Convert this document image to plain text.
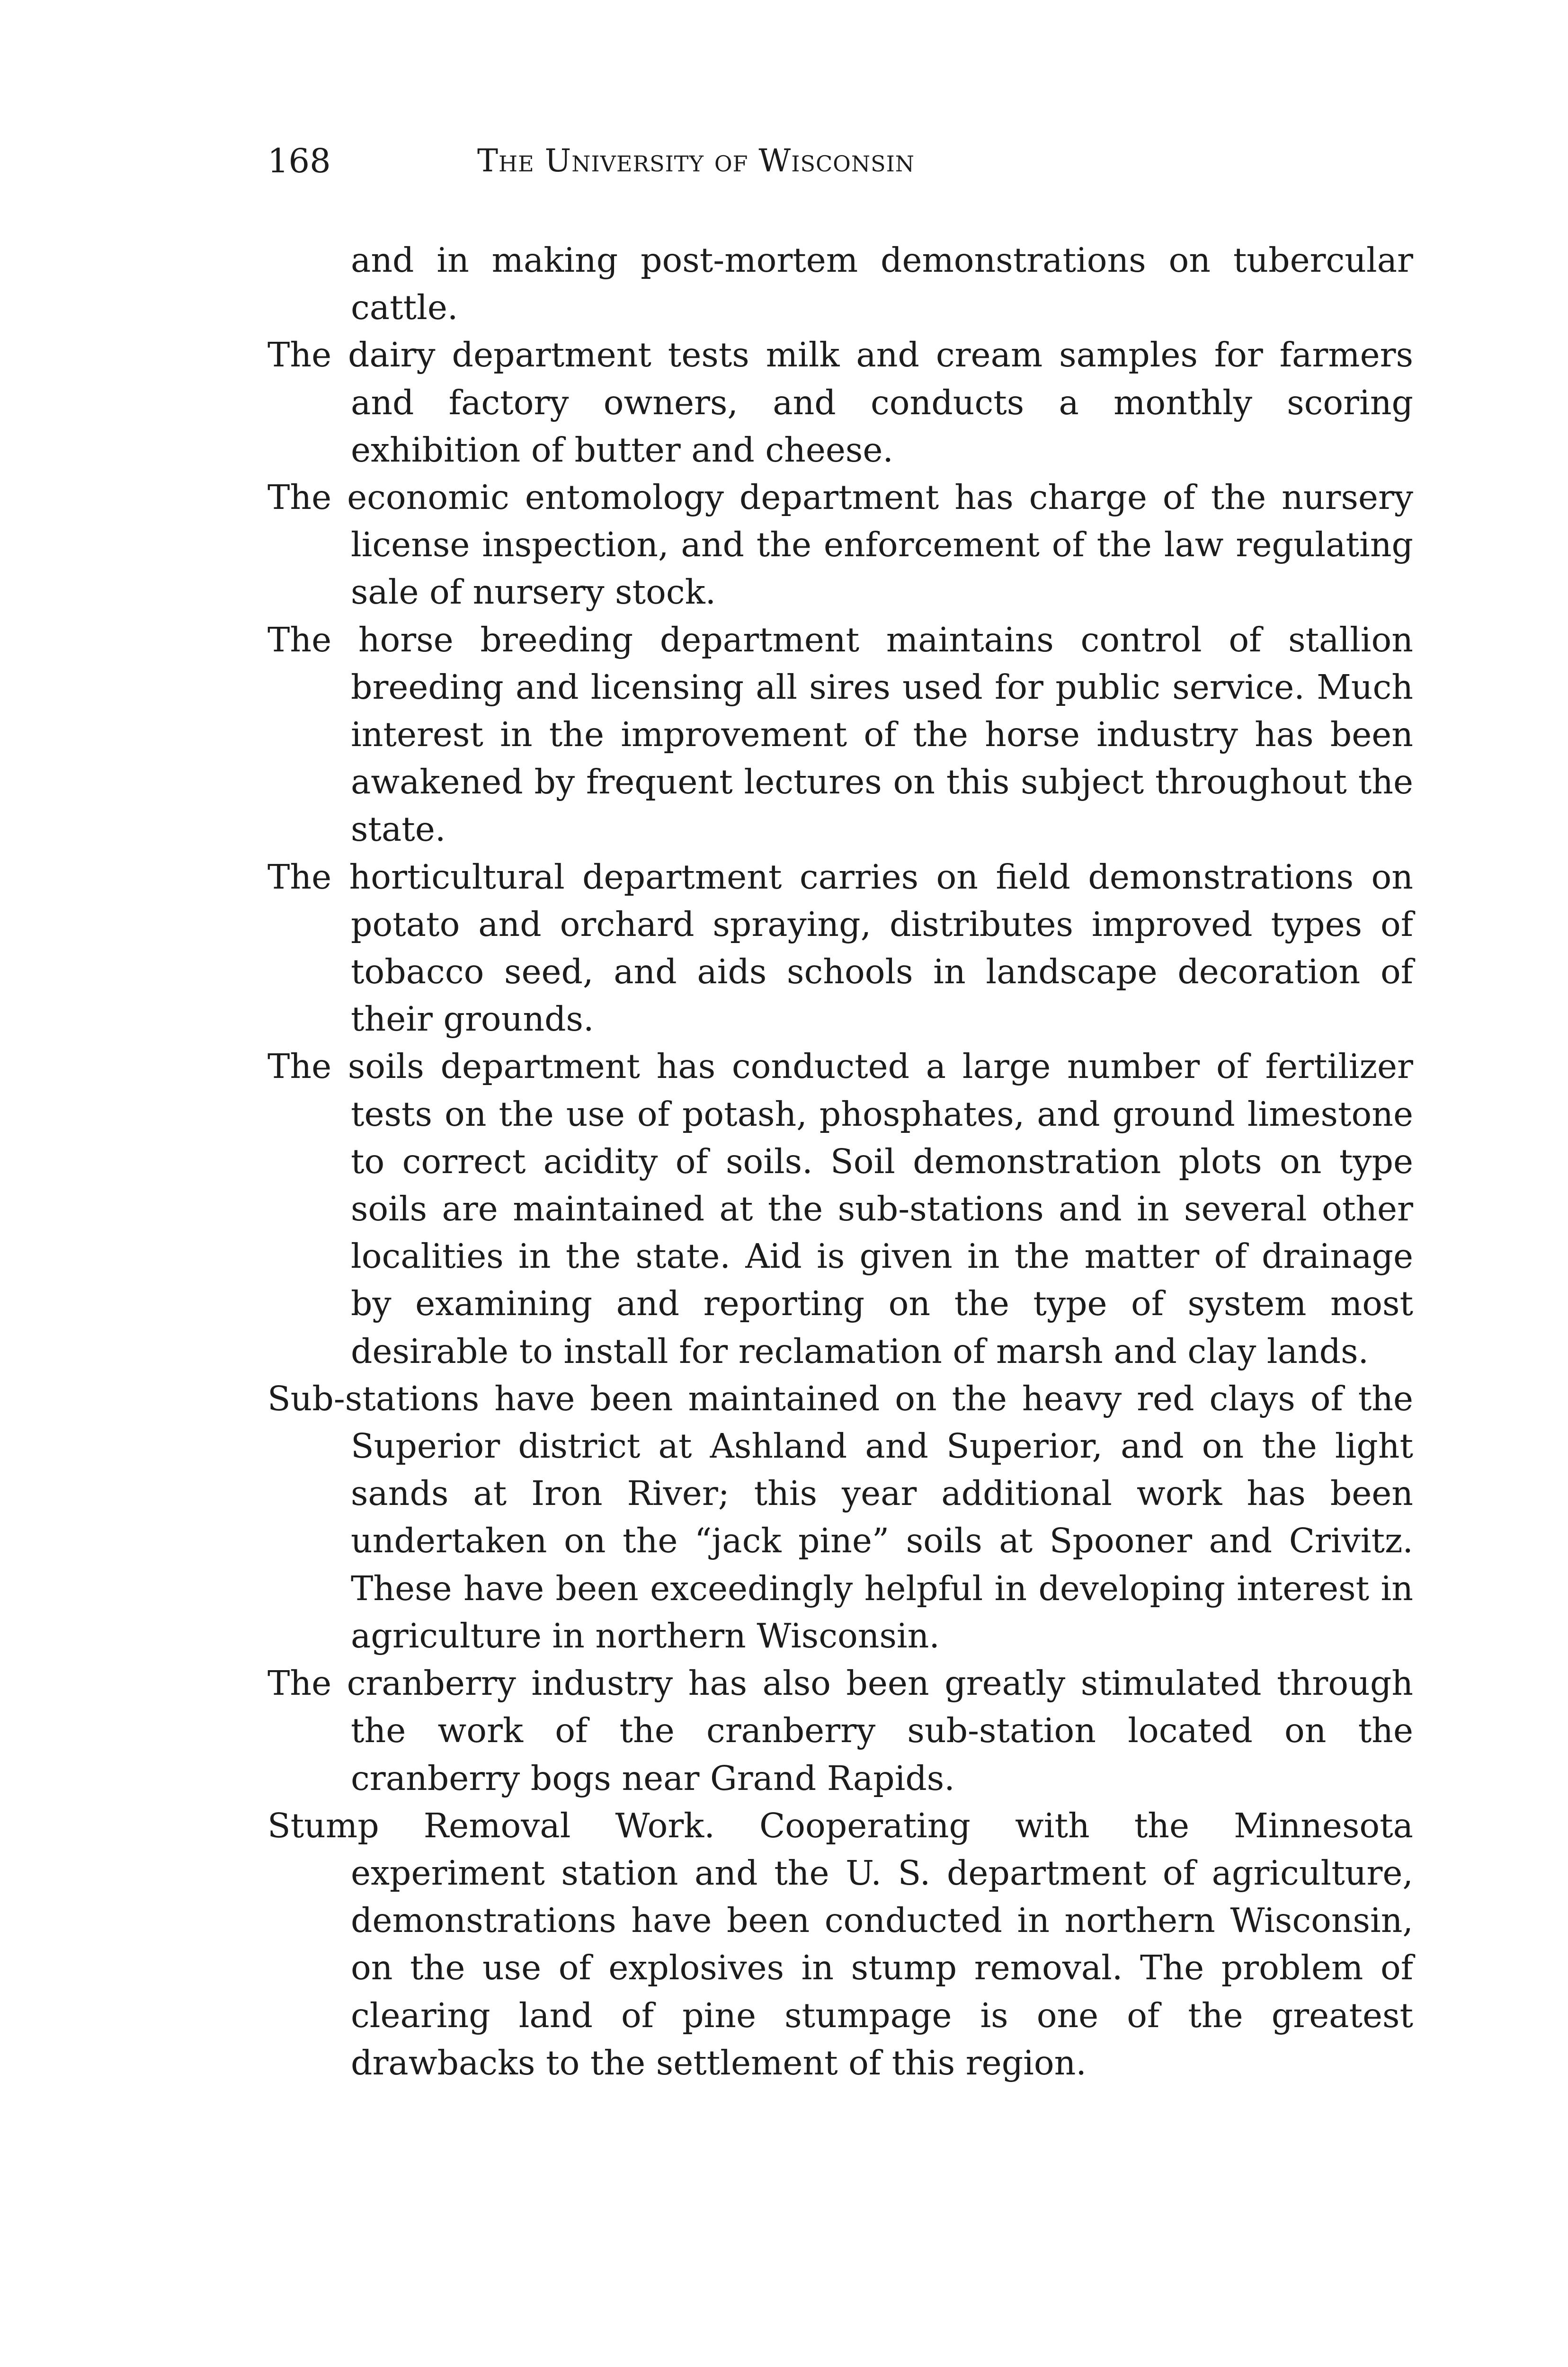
168	The University of Wisconsin

and in making post-mortem demonstrations on tubercular cattle.

The dairy department tests milk and cream samples for farmers and factory owners, and conducts a monthly scoring exhibition of butter and cheese.

The economic entomology department has charge of the nursery license inspection, and the enforcement of the law regulating sale of nursery stock.

The horse breeding department maintains control of stallion breeding and licensing all sires used for public service. Much interest in the improvement of the horse industry has been awakened by frequent lectures on this subject throughout the state.

The horticultural department carries on field demonstrations on potato and orchard spraying, distributes improved types of tobacco seed, and aids schools in landscape decoration of their grounds.

The soils department has conducted a large number of fertilizer tests on the use of potash, phosphates, and ground limestone to correct acidity of soils. Soil demonstration plots on type soils are maintained at the sub-stations and in several other localities in the state. Aid is given in the matter of drainage by examining and reporting on the type of system most desirable to install for reclamation of marsh and clay lands.

Sub-stations have been maintained on the heavy red clays of the Superior district at Ashland and Superior, and on the light sands at Iron River; this year additional work has been undertaken on the “jack pine” soils at Spooner and Crivitz. These have been exceedingly helpful in developing interest in agriculture in northern Wisconsin.

The cranberry industry has also been greatly stimulated through the work of the cranberry sub-station located on the cranberry bogs near Grand Rapids.

Stump Removal Work. Cooperating with the Minnesota experiment station and the U. S. department of agriculture, demonstrations have been conducted in northern Wisconsin, on the use of explosives in stump removal. The problem of clearing land of pine stumpage is one of the greatest drawbacks to the settlement of this region.
